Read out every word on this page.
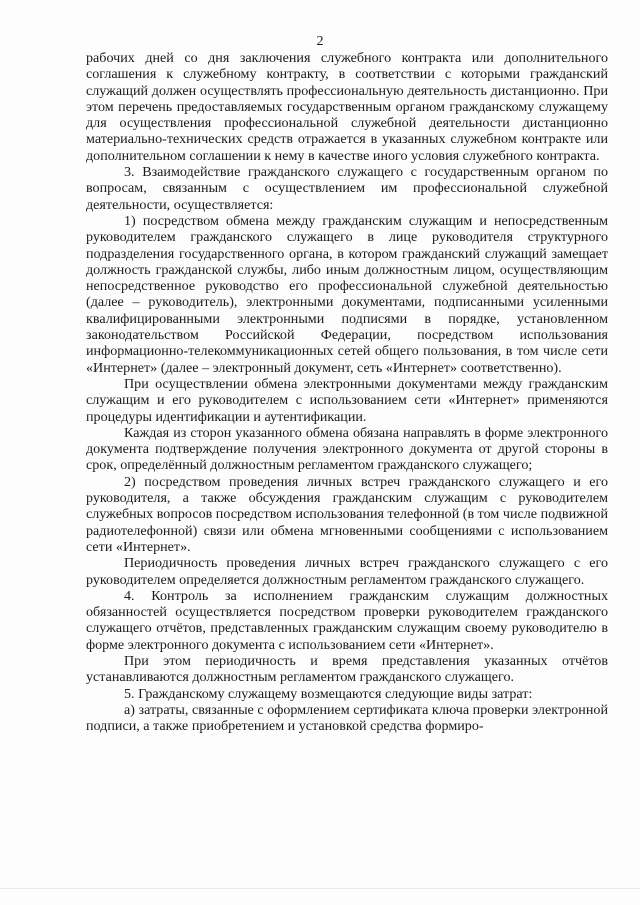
2

рабочих дней со дня заключения служебного контракта или дополнительного соглашения к служебному контракту, в соответствии с которыми гражданский служащий должен осуществлять профессиональную деятельность дистанционно. При этом перечень предоставляемых государственным органом гражданскому служащему для осуществления профессиональной служебной деятельности дистанционно материально-технических средств отражается в указанных служебном контракте или дополнительном соглашении к нему в качестве иного условия служебного контракта.

3. Взаимодействие гражданского служащего с государственным органом по вопросам, связанным с осуществлением им профессиональной служебной деятельности, осуществляется:

1) посредством обмена между гражданским служащим и непосредственным руководителем гражданского служащего в лице руководителя структурного подразделения государственного органа, в котором гражданский служащий замещает должность гражданской службы, либо иным должностным лицом, осуществляющим непосредственное руководство его профессиональной служебной деятельностью (далее – руководитель), электронными документами, подписанными усиленными квалифицированными электронными подписями в порядке, установленном законодательством Российской Федерации, посредством использования информационно-телекоммуникационных сетей общего пользования, в том числе сети «Интернет» (далее – электронный документ, сеть «Интернет» соответственно).

При осуществлении обмена электронными документами между гражданским служащим и его руководителем с использованием сети «Интернет» применяются процедуры идентификации и аутентификации.

Каждая из сторон указанного обмена обязана направлять в форме электронного документа подтверждение получения электронного документа от другой стороны в срок, определённый должностным регламентом гражданского служащего;

2) посредством проведения личных встреч гражданского служащего и его руководителя, а также обсуждения гражданским служащим с руководителем служебных вопросов посредством использования телефонной (в том числе подвижной радиотелефонной) связи или обмена мгновенными сообщениями с использованием сети «Интернет».

Периодичность проведения личных встреч гражданского служащего с его руководителем определяется должностным регламентом гражданского служащего.

4. Контроль за исполнением гражданским служащим должностных обязанностей осуществляется посредством проверки руководителем гражданского служащего отчётов, представленных гражданским служащим своему руководителю в форме электронного документа с использованием сети «Интернет».

При этом периодичность и время представления указанных отчётов устанавливаются должностным регламентом гражданского служащего.

5. Гражданскому служащему возмещаются следующие виды затрат:

а) затраты, связанные с оформлением сертификата ключа проверки электронной подписи, а также приобретением и установкой средства формиро-
